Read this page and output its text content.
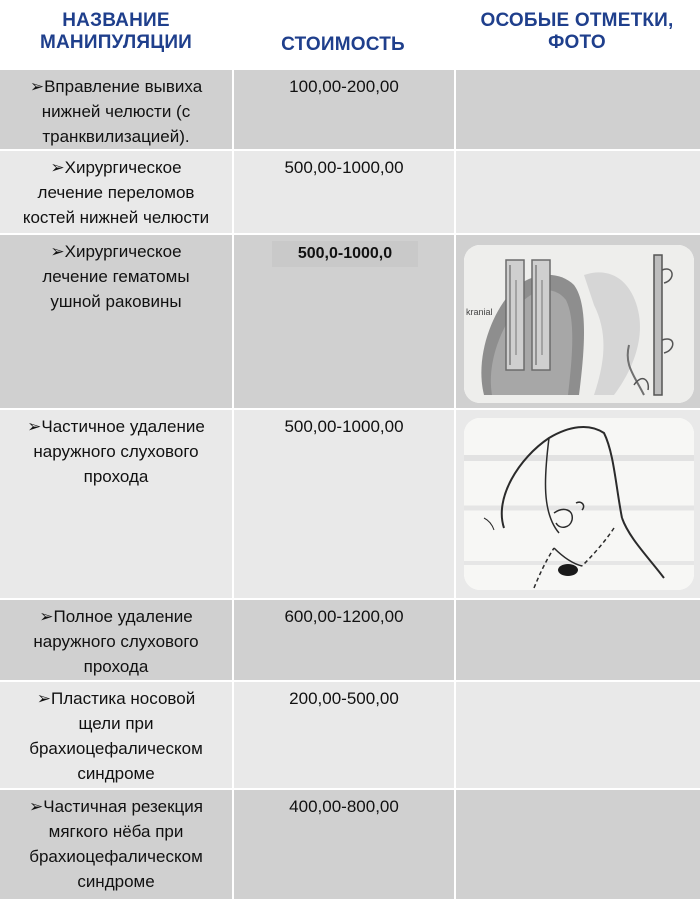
НАЗВАНИЕ
МАНИПУЛЯЦИИ	СТОИМОСТЬ
ОСОБЫЕ ОТМЕТКИ,
ФОТО
➢Вправление вывиха
нижней челюсти (с
транквилизацией).
100,00-200,00
➢Хирургическое
лечение переломов
костей нижней челюсти
500,00-1000,00
➢Хирургическое
лечение гематомы
ушной раковины
500,0-1000,0
kranial
➢Частичное удаление
наружного слухового
прохода
500,00-1000,00
➢Полное удаление
наружного слухового
прохода
600,00-1200,00
➢Пластика носовой
щели при
брахиоцефалическом
синдроме
200,00-500,00
➢Частичная резекция
мягкого нёба при
брахиоцефалическом
синдроме
400,00-800,00
